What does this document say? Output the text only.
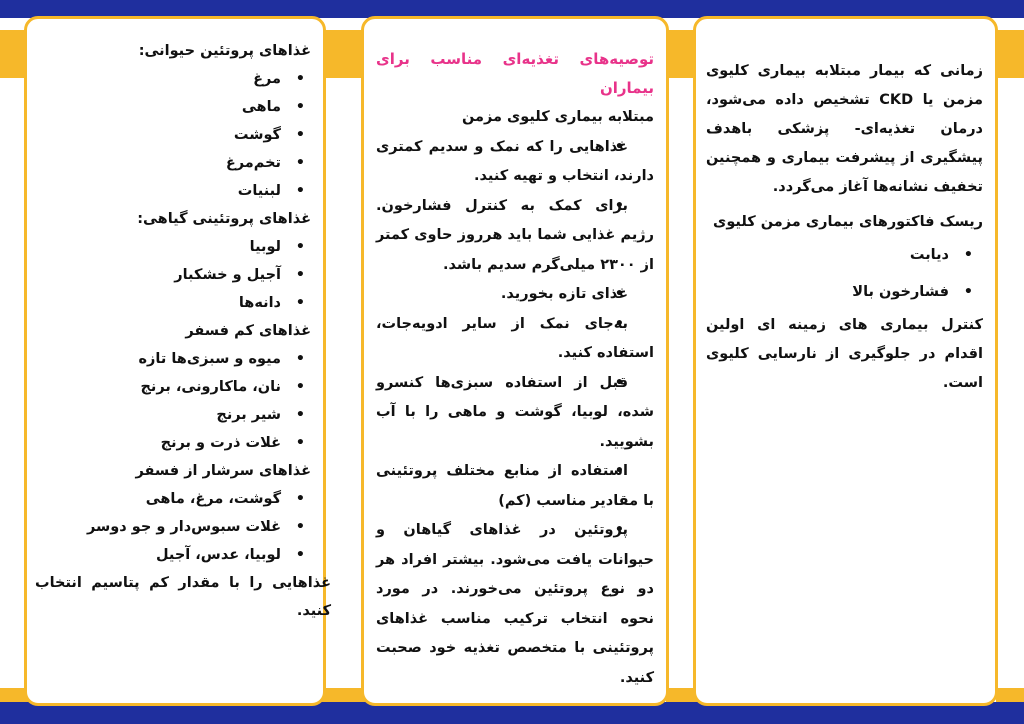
غذاهای پروتئین حیوانی:
• مرغ
• ماهی
• گوشت
• تخم‌مرغ
• لبنیات
غذاهای پروتئینی گیاهی:
• لوبیا
• آجیل و خشکبار
• دانه‌ها
غذاهای کم فسفر
• میوه و سبزی‌ها تازه
• نان، ماکارونی، برنج
• شیر برنج
• غلات ذرت و برنج
غذاهای سرشار از فسفر
• گوشت، مرغ، ماهی
• غلات سبوس‌دار و جو دوسر
• لوبیا، عدس، آجیل
غذاهایی را با مقدار کم پتاسیم انتخاب کنید.
توصیه‌های تغذیه‌ای مناسب برای بیماران
مبتلابه بیماری کلیوی مزمن
• غذاهایی را که نمک و سدیم کمتری دارند، انتخاب و تهیه کنید.
• برای کمک به کنترل فشارخون. رژیم غذایی شما باید هرروز حاوی کمتر از ۲۳۰۰ میلی‌گرم سدیم باشد.
• غذای تازه بخورید.
• به‌جای نمک از سایر ادویه‌جات، استفاده کنید.
• قبل از استفاده سبزی‌ها کنسرو شده، لوبیا، گوشت و ماهی را با آب بشویید.
• استفاده از منابع مختلف پروتئینی با مقادیر مناسب (کم)
• پروتئین در غذاهای گیاهان و حیوانات یافت می‌شود. بیشتر افراد هر دو نوع پروتئین می‌خورند. در مورد نحوه انتخاب ترکیب مناسب غذاهای پروتئینی با متخصص تغذیه خود صحبت کنید.
زمانی که بیمار مبتلابه بیماری کلیوی مزمن یا CKD تشخیص داده می‌شود، درمان تغذیه‌ای- پزشکی باهدف پیشگیری از پیشرفت بیماری و همچنین تخفیف نشانه‌ها آغاز می‌گردد.
ریسک فاکتورهای بیماری مزمن کلیوی
• دیابت
• فشارخون بالا
کنترل بیماری های زمینه ای اولین اقدام در جلوگیری از نارسایی کلیوی است.
